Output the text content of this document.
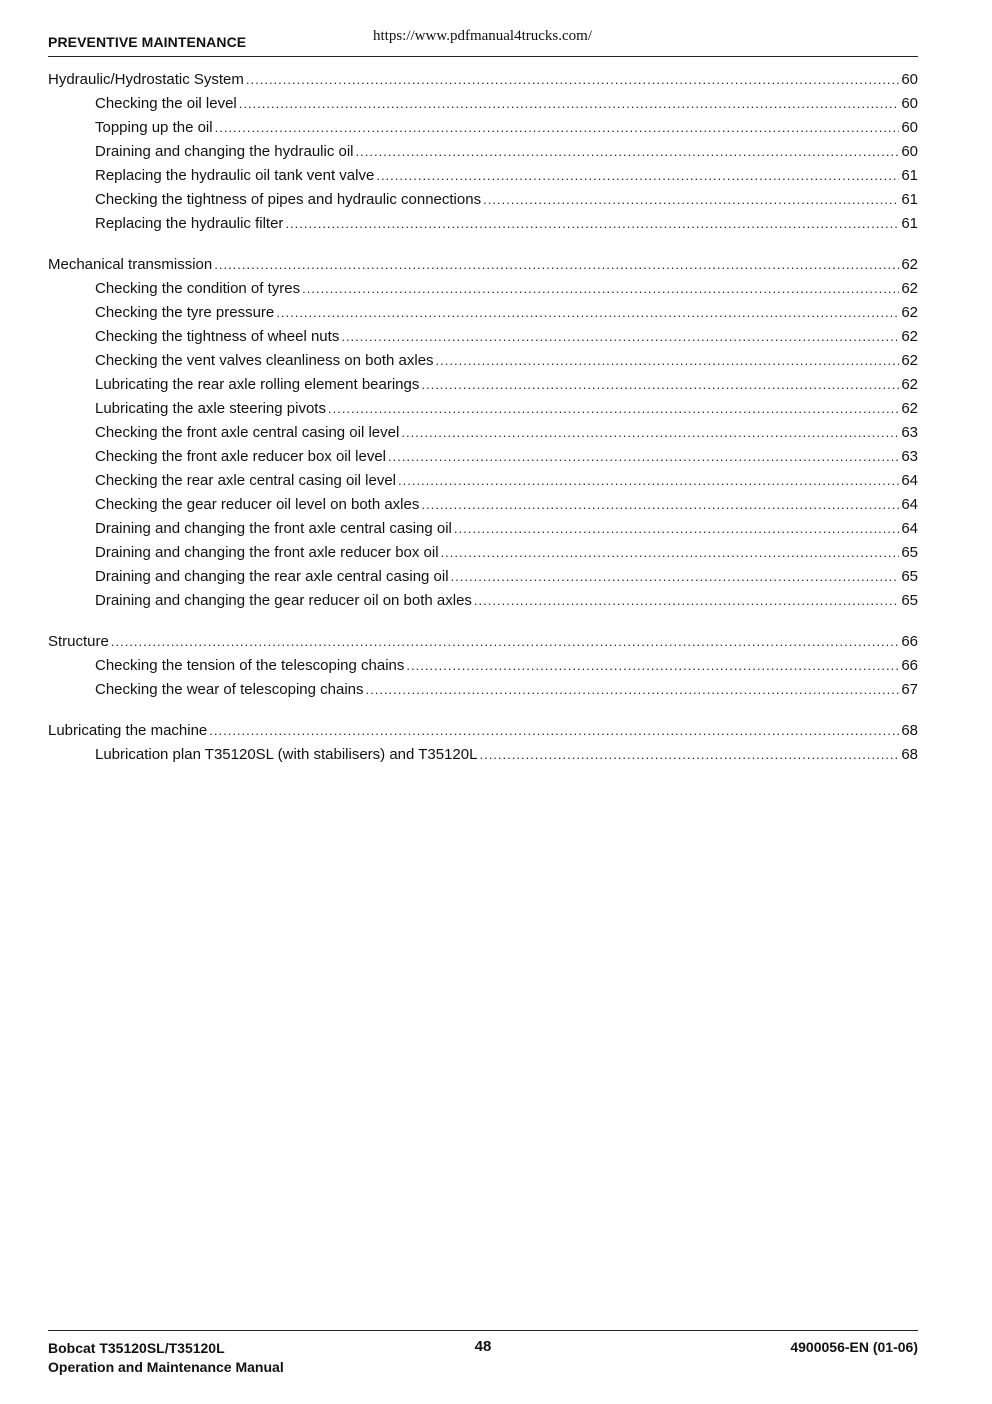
PREVENTIVE MAINTENANCE	https://www.pdfmanual4trucks.com/
Hydraulic/Hydrostatic System .....	60
Checking the oil level .....	60
Topping up the oil .....	60
Draining and changing the hydraulic oil .....	60
Replacing the hydraulic oil tank vent valve .....	61
Checking the tightness of pipes and hydraulic connections .....	61
Replacing the hydraulic filter .....	61
Mechanical transmission .....	62
Checking the condition of tyres .....	62
Checking the tyre pressure .....	62
Checking the tightness of wheel nuts .....	62
Checking the vent valves cleanliness on both axles .....	62
Lubricating the rear axle rolling element bearings .....	62
Lubricating the axle steering pivots .....	62
Checking the front axle central casing oil level .....	63
Checking the front axle reducer box oil level .....	63
Checking the rear axle central casing oil level .....	64
Checking the gear reducer oil level on both axles .....	64
Draining and changing the front axle central casing oil .....	64
Draining and changing the front axle reducer box oil .....	65
Draining and changing the rear axle central casing oil .....	65
Draining and changing the gear reducer oil on both axles .....	65
Structure .....	66
Checking the tension of the telescoping chains .....	66
Checking the wear of telescoping chains .....	67
Lubricating the machine .....	68
Lubrication plan T35120SL (with stabilisers) and T35120L .....	68
Bobcat T35120SL/T35120L
Operation and Maintenance Manual
48	4900056-EN (01-06)
